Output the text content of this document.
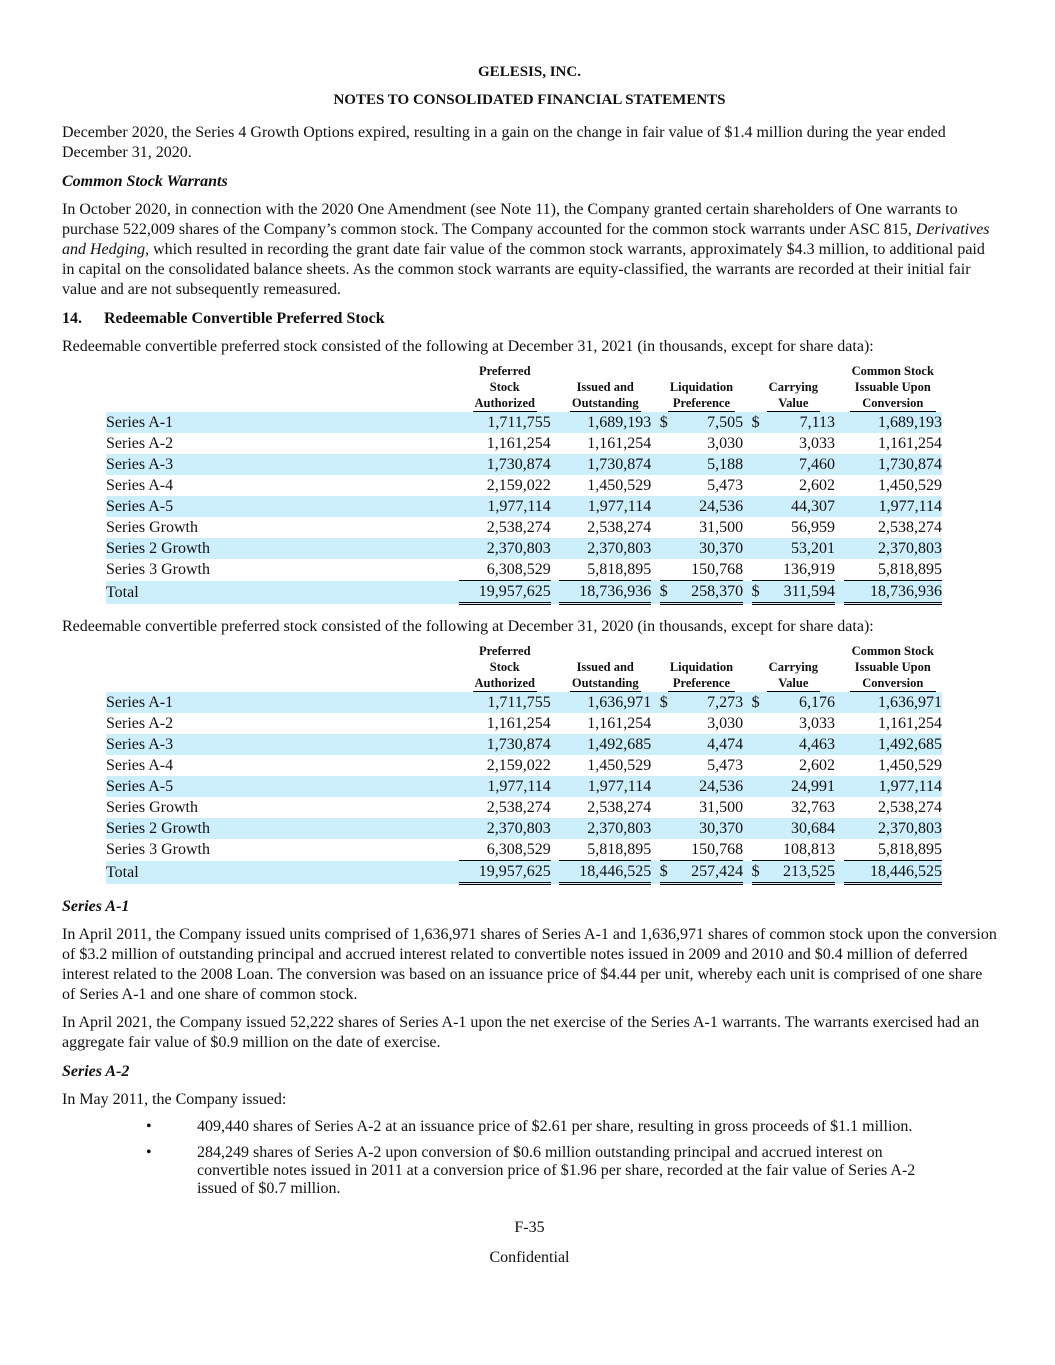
GELESIS, INC.
NOTES TO CONSOLIDATED FINANCIAL STATEMENTS

December 2020, the Series 4 Growth Options expired, resulting in a gain on the change in fair value of $1.4 million during the year ended December 31, 2020.

Common Stock Warrants

In October 2020, in connection with the 2020 One Amendment (see Note 11), the Company granted certain shareholders of One warrants to purchase 522,009 shares of the Company’s common stock. The Company accounted for the common stock warrants under ASC 815, Derivatives and Hedging, which resulted in recording the grant date fair value of the common stock warrants, approximately $4.3 million, to additional paid in capital on the consolidated balance sheets. As the common stock warrants are equity-classified, the warrants are recorded at their initial fair value and are not subsequently remeasured.

14. Redeemable Convertible Preferred Stock

Redeemable convertible preferred stock consisted of the following at December 31, 2021 (in thousands, except for share data):

	Preferred
Stock
Authorized		Issued and
Outstanding		Liquidation
Preference			Carrying
Value			Common Stock
Issuable Upon
Conversion
Series A-1	1,711,755		1,689,193		$	7,505		$	7,113		1,689,193
Series A-2	1,161,254		1,161,254			3,030			3,033		1,161,254
Series A-3	1,730,874		1,730,874			5,188			7,460		1,730,874
Series A-4	2,159,022		1,450,529			5,473			2,602		1,450,529
Series A-5	1,977,114		1,977,114			24,536			44,307		1,977,114
Series Growth	2,538,274		2,538,274			31,500			56,959		2,538,274
Series 2 Growth	2,370,803		2,370,803			30,370			53,201		2,370,803
Series 3 Growth	6,308,529		5,818,895			150,768			136,919		5,818,895
Total	19,957,625		18,736,936		$	258,370		$	311,594		18,736,936

Redeemable convertible preferred stock consisted of the following at December 31, 2020 (in thousands, except for share data):

	Preferred
Stock
Authorized		Issued and
Outstanding		Liquidation
Preference			Carrying
Value			Common Stock
Issuable Upon
Conversion
Series A-1	1,711,755		1,636,971		$	7,273		$	6,176		1,636,971
Series A-2	1,161,254		1,161,254			3,030			3,033		1,161,254
Series A-3	1,730,874		1,492,685			4,474			4,463		1,492,685
Series A-4	2,159,022		1,450,529			5,473			2,602		1,450,529
Series A-5	1,977,114		1,977,114			24,536			24,991		1,977,114
Series Growth	2,538,274		2,538,274			31,500			32,763		2,538,274
Series 2 Growth	2,370,803		2,370,803			30,370			30,684		2,370,803
Series 3 Growth	6,308,529		5,818,895			150,768			108,813		5,818,895
Total	19,957,625		18,446,525		$	257,424		$	213,525		18,446,525
Series A-1

In April 2011, the Company issued units comprised of 1,636,971 shares of Series A-1 and 1,636,971 shares of common stock upon the conversion of $3.2 million of outstanding principal and accrued interest related to convertible notes issued in 2009 and 2010 and $0.4 million of deferred interest related to the 2008 Loan. The conversion was based on an issuance price of $4.44 per unit, whereby each unit is comprised of one share of Series A-1 and one share of common stock.

In April 2021, the Company issued 52,222 shares of Series A-1 upon the net exercise of the Series A-1 warrants. The warrants exercised had an aggregate fair value of $0.9 million on the date of exercise.

Series A-2

In May 2011, the Company issued:

•	409,440 shares of Series A-2 at an issuance price of $2.61 per share, resulting in gross proceeds of $1.1 million.
•	284,249 shares of Series A-2 upon conversion of $0.6 million outstanding principal and accrued interest on convertible notes issued in 2011 at a conversion price of $1.96 per share, recorded at the fair value of Series A-2 issued of $0.7 million.
F-35
Confidential
